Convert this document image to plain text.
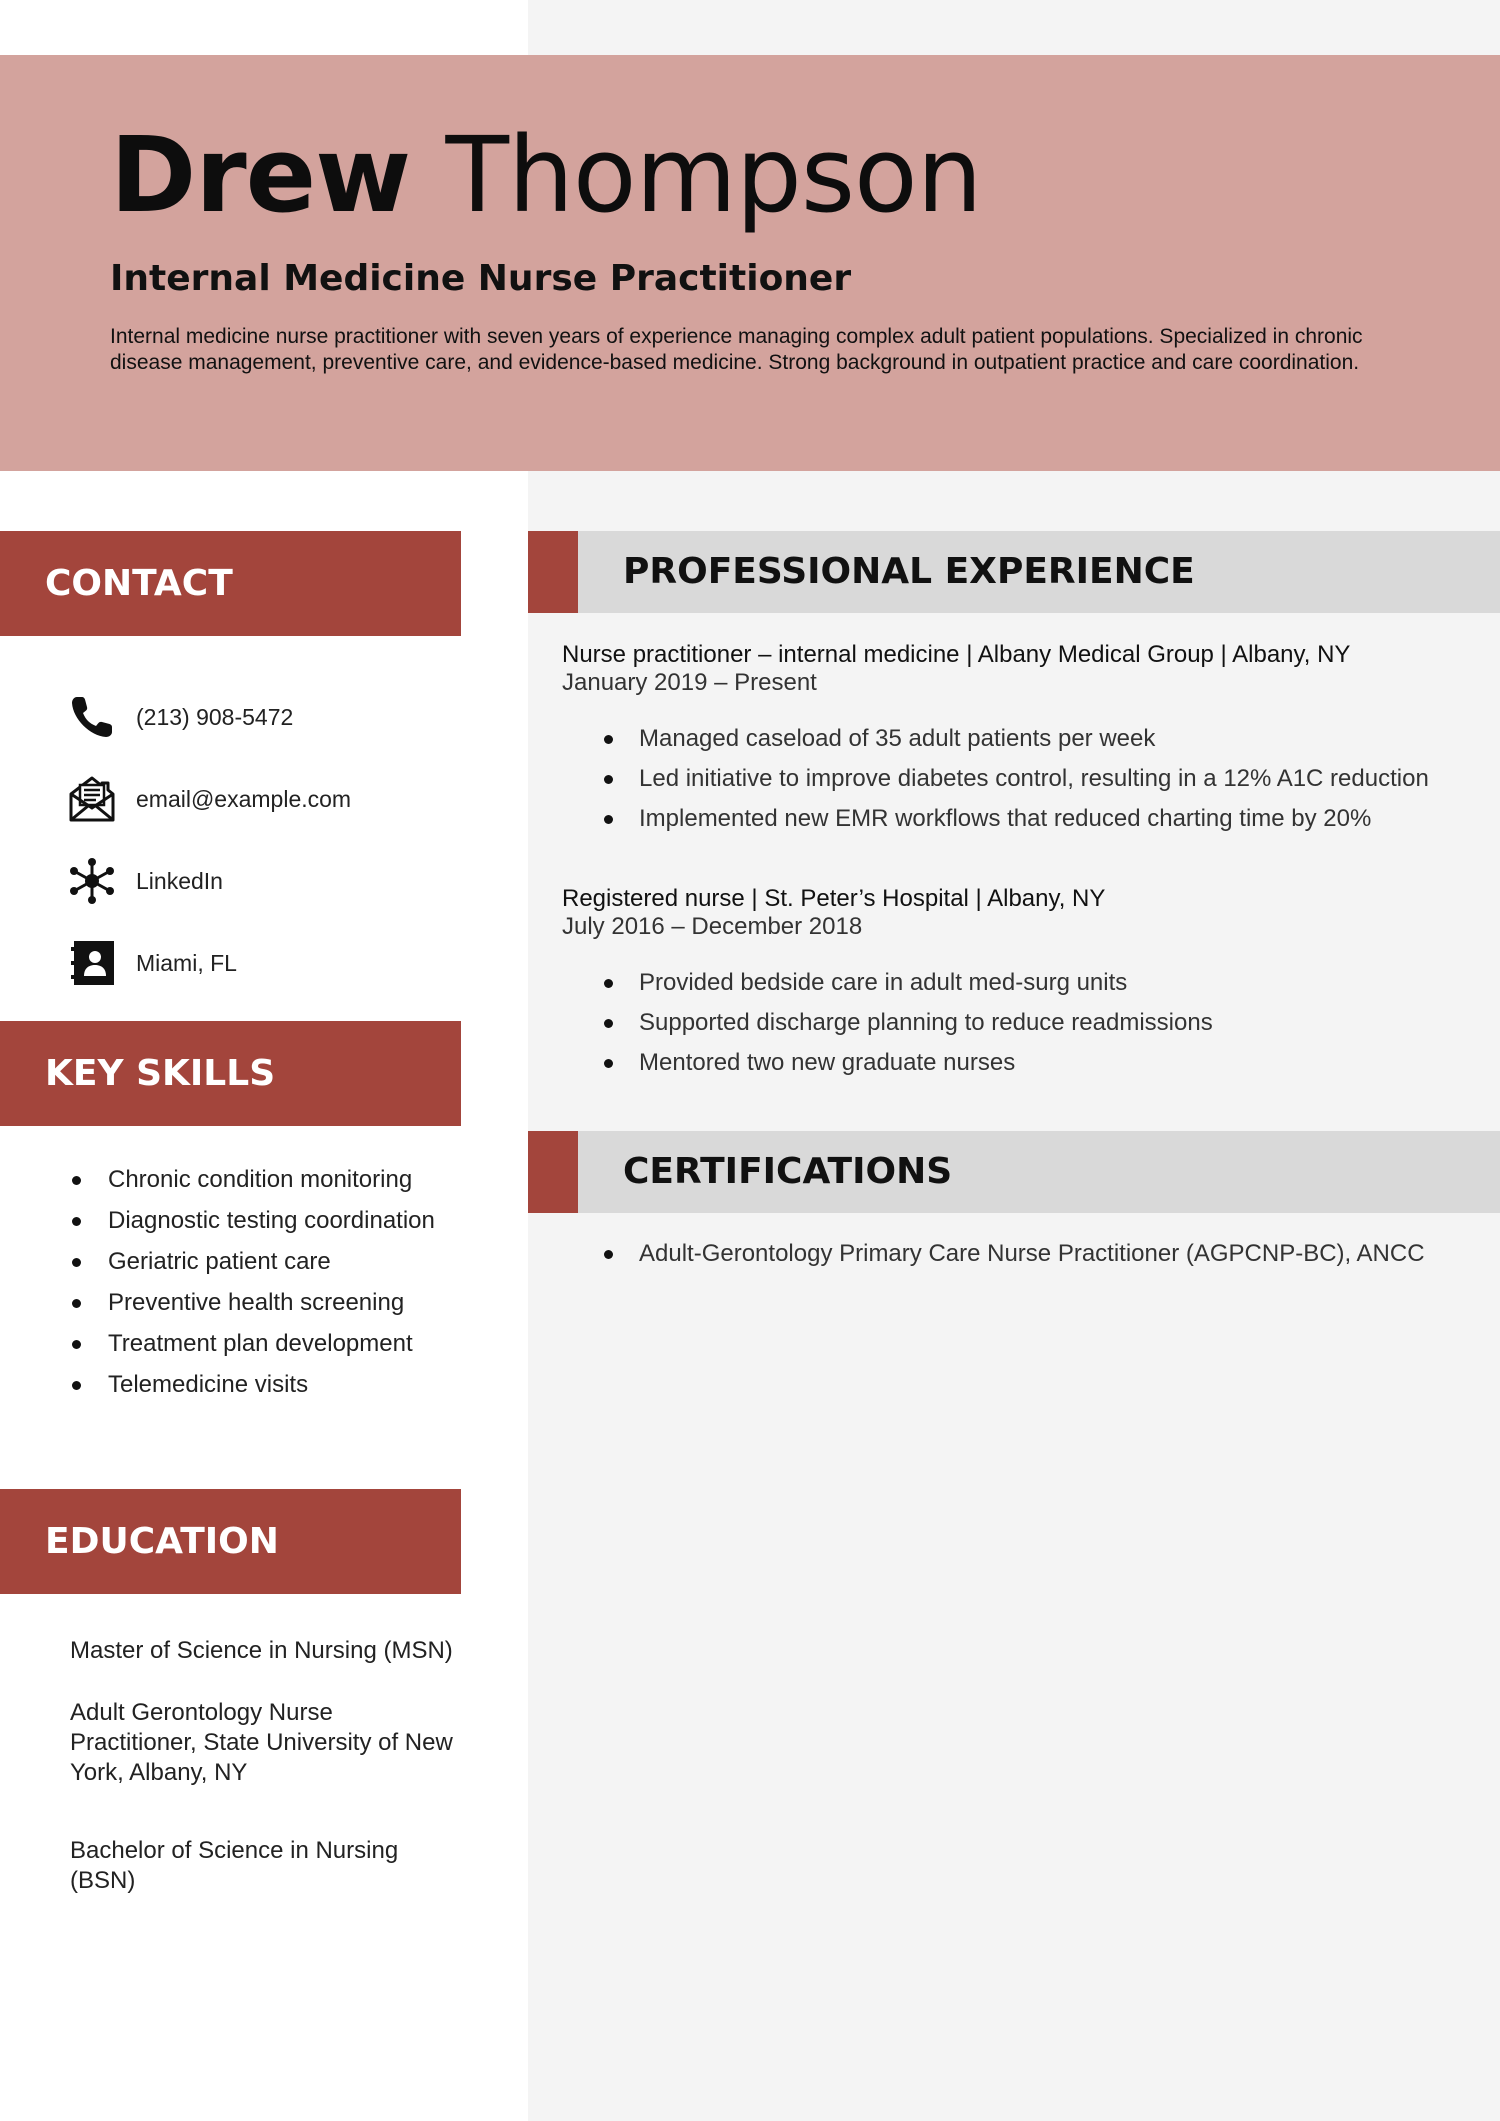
Drew Thompson
Internal Medicine Nurse Practitioner

Internal medicine nurse practitioner with seven years of experience managing complex adult patient populations. Specialized in chronic disease management, preventive care, and evidence-based medicine. Strong background in outpatient practice and care coordination.

CONTACT
(213) 908-5472
email@example.com
LinkedIn
Miami, FL
KEY SKILLS
Chronic condition monitoring
Diagnostic testing coordination
Geriatric patient care
Preventive health screening
Treatment plan development
Telemedicine visits
EDUCATION
Master of Science in Nursing (MSN)
Adult Gerontology Nurse Practitioner, State University of New York, Albany, NY
Bachelor of Science in Nursing (BSN)
PROFESSIONAL EXPERIENCE
Nurse practitioner – internal medicine | Albany Medical Group | Albany, NY
January 2019 – Present
Managed caseload of 35 adult patients per week
Led initiative to improve diabetes control, resulting in a 12% A1C reduction
Implemented new EMR workflows that reduced charting time by 20%
Registered nurse | St. Peter’s Hospital | Albany, NY
July 2016 – December 2018
Provided bedside care in adult med-surg units
Supported discharge planning to reduce readmissions
Mentored two new graduate nurses
CERTIFICATIONS
Adult-Gerontology Primary Care Nurse Practitioner (AGPCNP-BC), ANCC
